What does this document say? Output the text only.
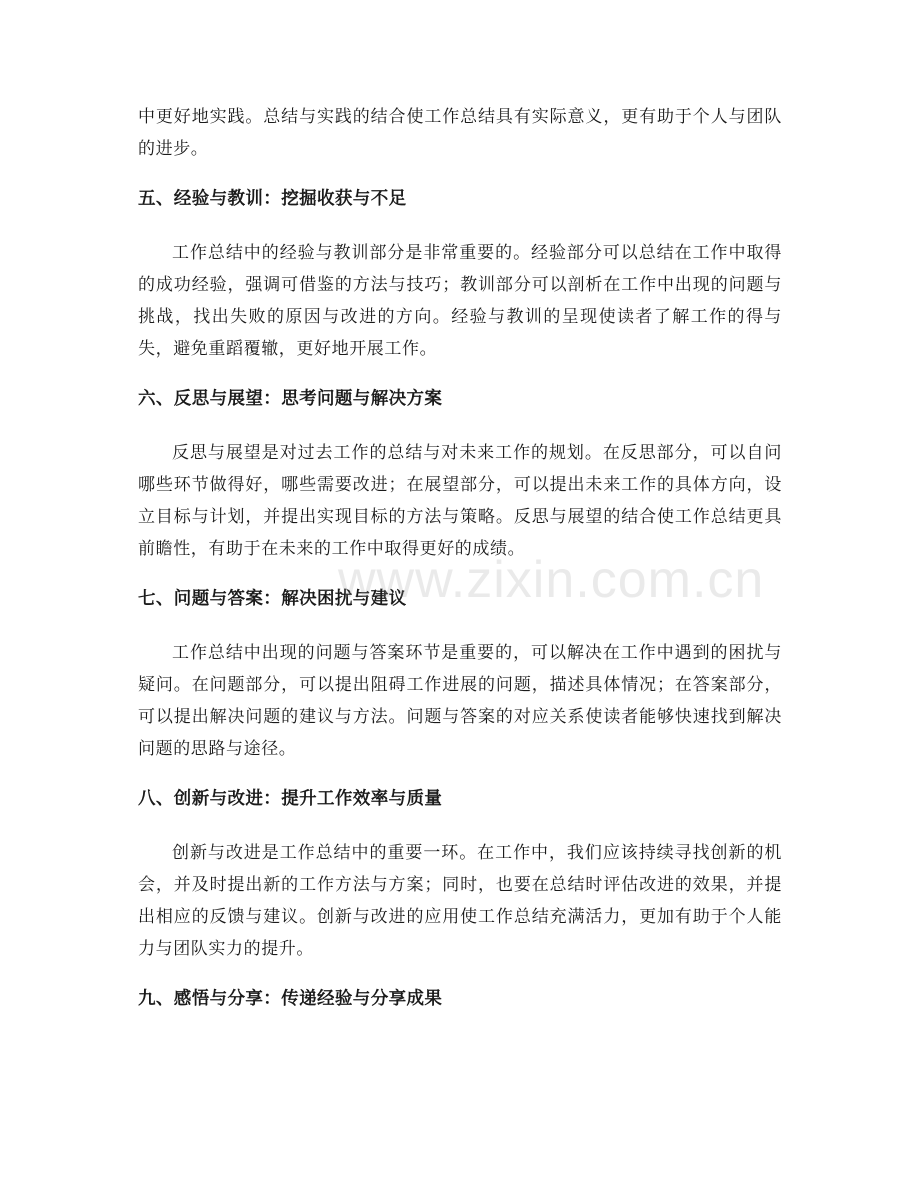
中更好地实践。总结与实践的结合使工作总结具有实际意义，更有助于个人与团队的进步。

五、经验与教训：挖掘收获与不足

工作总结中的经验与教训部分是非常重要的。经验部分可以总结在工作中取得的成功经验，强调可借鉴的方法与技巧；教训部分可以剖析在工作中出现的问题与挑战，找出失败的原因与改进的方向。经验与教训的呈现使读者了解工作的得与失，避免重蹈覆辙，更好地开展工作。

六、反思与展望：思考问题与解决方案

反思与展望是对过去工作的总结与对未来工作的规划。在反思部分，可以自问哪些环节做得好，哪些需要改进；在展望部分，可以提出未来工作的具体方向，设立目标与计划，并提出实现目标的方法与策略。反思与展望的结合使工作总结更具前瞻性，有助于在未来的工作中取得更好的成绩。

七、问题与答案：解决困扰与建议

工作总结中出现的问题与答案环节是重要的，可以解决在工作中遇到的困扰与疑问。在问题部分，可以提出阻碍工作进展的问题，描述具体情况；在答案部分，可以提出解决问题的建议与方法。问题与答案的对应关系使读者能够快速找到解决问题的思路与途径。

八、创新与改进：提升工作效率与质量

创新与改进是工作总结中的重要一环。在工作中，我们应该持续寻找创新的机会，并及时提出新的工作方法与方案；同时，也要在总结时评估改进的效果，并提出相应的反馈与建议。创新与改进的应用使工作总结充满活力，更加有助于个人能力与团队实力的提升。

九、感悟与分享：传递经验与分享成果
www.zixin.com.cn
